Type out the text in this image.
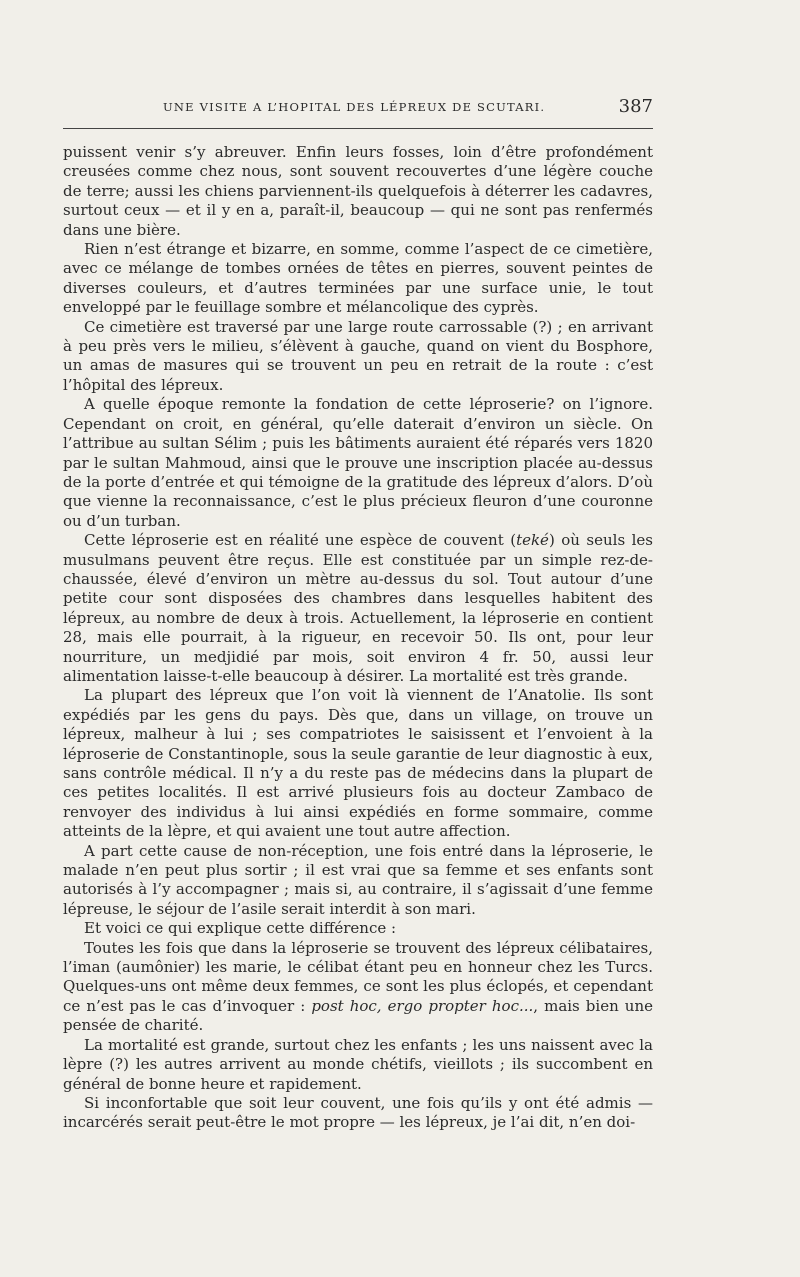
UNE VISITE A L’HOPITAL DES LÉPREUX DE SCUTARI.	387

puissent venir s’y abreuver. Enfin leurs fosses, loin d’être profondément creusées comme chez nous, sont souvent recouvertes d’une légère couche de terre; aussi les chiens parviennent-ils quelquefois à déterrer les cadavres, surtout ceux — et il y en a, paraît-il, beaucoup — qui ne sont pas renfermés dans une bière.

Rien n’est étrange et bizarre, en somme, comme l’aspect de ce cimetière, avec ce mélange de tombes ornées de têtes en pierres, souvent peintes de diverses couleurs, et d’autres terminées par une surface unie, le tout enveloppé par le feuillage sombre et mélancolique des cyprès.

Ce cimetière est traversé par une large route carrossable (?) ; en arrivant à peu près vers le milieu, s’élèvent à gauche, quand on vient du Bosphore, un amas de masures qui se trouvent un peu en retrait de la route : c’est l’hôpital des lépreux.

A quelle époque remonte la fondation de cette léproserie? on l’ignore. Cependant on croit, en général, qu’elle daterait d’environ un siècle. On l’attribue au sultan Sélim ; puis les bâtiments auraient été réparés vers 1820 par le sultan Mahmoud, ainsi que le prouve une inscription placée au-dessus de la porte d’entrée et qui témoigne de la gratitude des lépreux d’alors. D’où que vienne la reconnaissance, c’est le plus précieux fleuron d’une couronne ou d’un turban.

Cette léproserie est en réalité une espèce de couvent (teké) où seuls les musulmans peuvent être reçus. Elle est constituée par un simple rez-de-chaussée, élevé d’environ un mètre au-dessus du sol. Tout autour d’une petite cour sont disposées des chambres dans lesquelles habitent des lépreux, au nombre de deux à trois. Actuellement, la léproserie en contient 28, mais elle pourrait, à la rigueur, en recevoir 50. Ils ont, pour leur nourriture, un medjidié par mois, soit environ 4 fr. 50, aussi leur alimentation laisse-t-elle beaucoup à désirer. La mortalité est très grande.

La plupart des lépreux que l’on voit là viennent de l’Anatolie. Ils sont expédiés par les gens du pays. Dès que, dans un village, on trouve un lépreux, malheur à lui ; ses compatriotes le saisissent et l’envoient à la léproserie de Constantinople, sous la seule garantie de leur diagnostic à eux, sans contrôle médical. Il n’y a du reste pas de médecins dans la plupart de ces petites localités. Il est arrivé plusieurs fois au docteur Zambaco de renvoyer des individus à lui ainsi expédiés en forme sommaire, comme atteints de la lèpre, et qui avaient une tout autre affection.

A part cette cause de non-réception, une fois entré dans la léproserie, le malade n’en peut plus sortir ; il est vrai que sa femme et ses enfants sont autorisés à l’y accompagner ; mais si, au contraire, il s’agissait d’une femme lépreuse, le séjour de l’asile serait interdit à son mari.

Et voici ce qui explique cette différence :

Toutes les fois que dans la léproserie se trouvent des lépreux célibataires, l’iman (aumônier) les marie, le célibat étant peu en honneur chez les Turcs. Quelques-uns ont même deux femmes, ce sont les plus éclopés, et cependant ce n’est pas le cas d’invoquer : post hoc, ergo propter hoc..., mais bien une pensée de charité.

La mortalité est grande, surtout chez les enfants ; les uns naissent avec la lèpre (?) les autres arrivent au monde chétifs, vieillots ; ils succombent en général de bonne heure et rapidement.

Si inconfortable que soit leur couvent, une fois qu’ils y ont été admis — incarcérés serait peut-être le mot propre — les lépreux, je l’ai dit, n’en doi-
